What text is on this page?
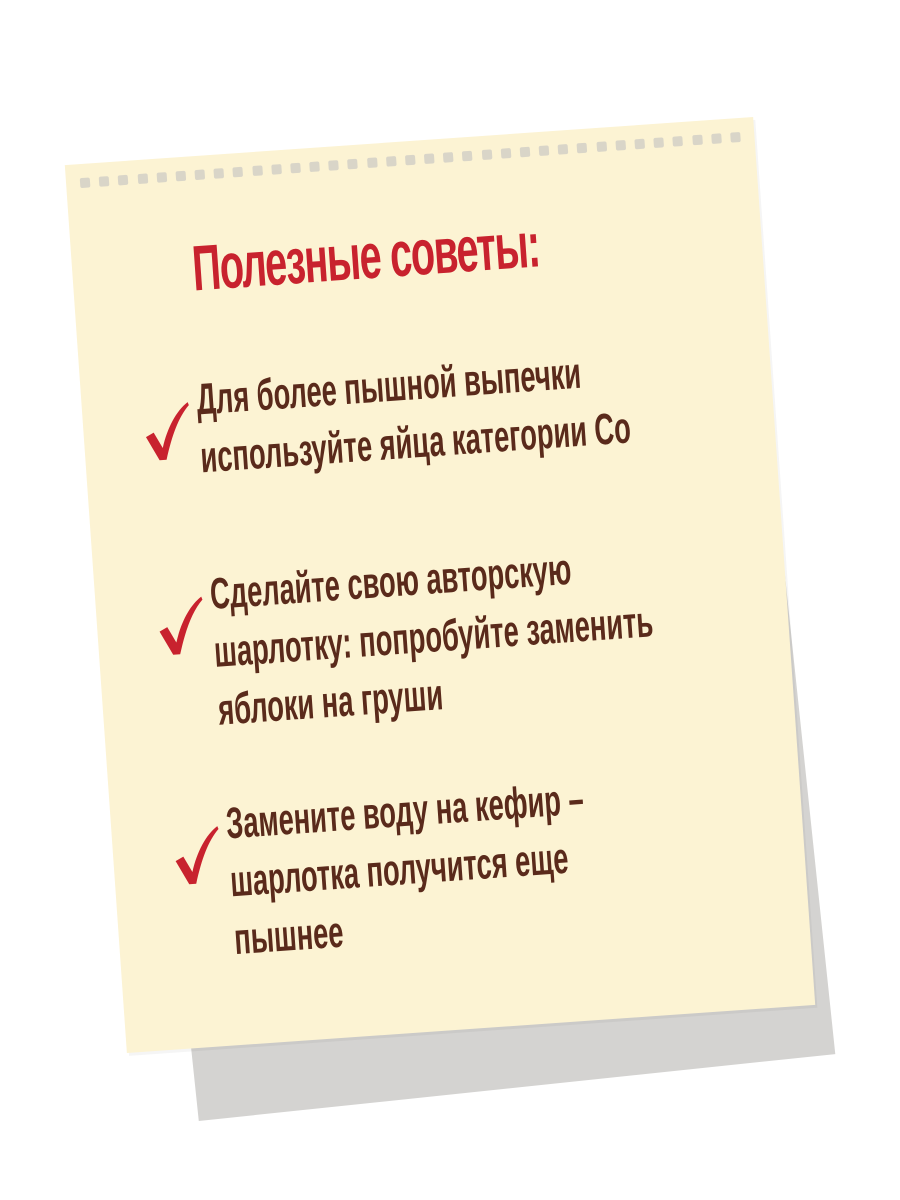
Полезные советы:
Для более пышной выпечки
используйте яйца категории Со
Сделайте свою авторскую
шарлотку: попробуйте заменить
яблоки на груши
Замените воду на кефир –
шарлотка получится еще
пышнее
